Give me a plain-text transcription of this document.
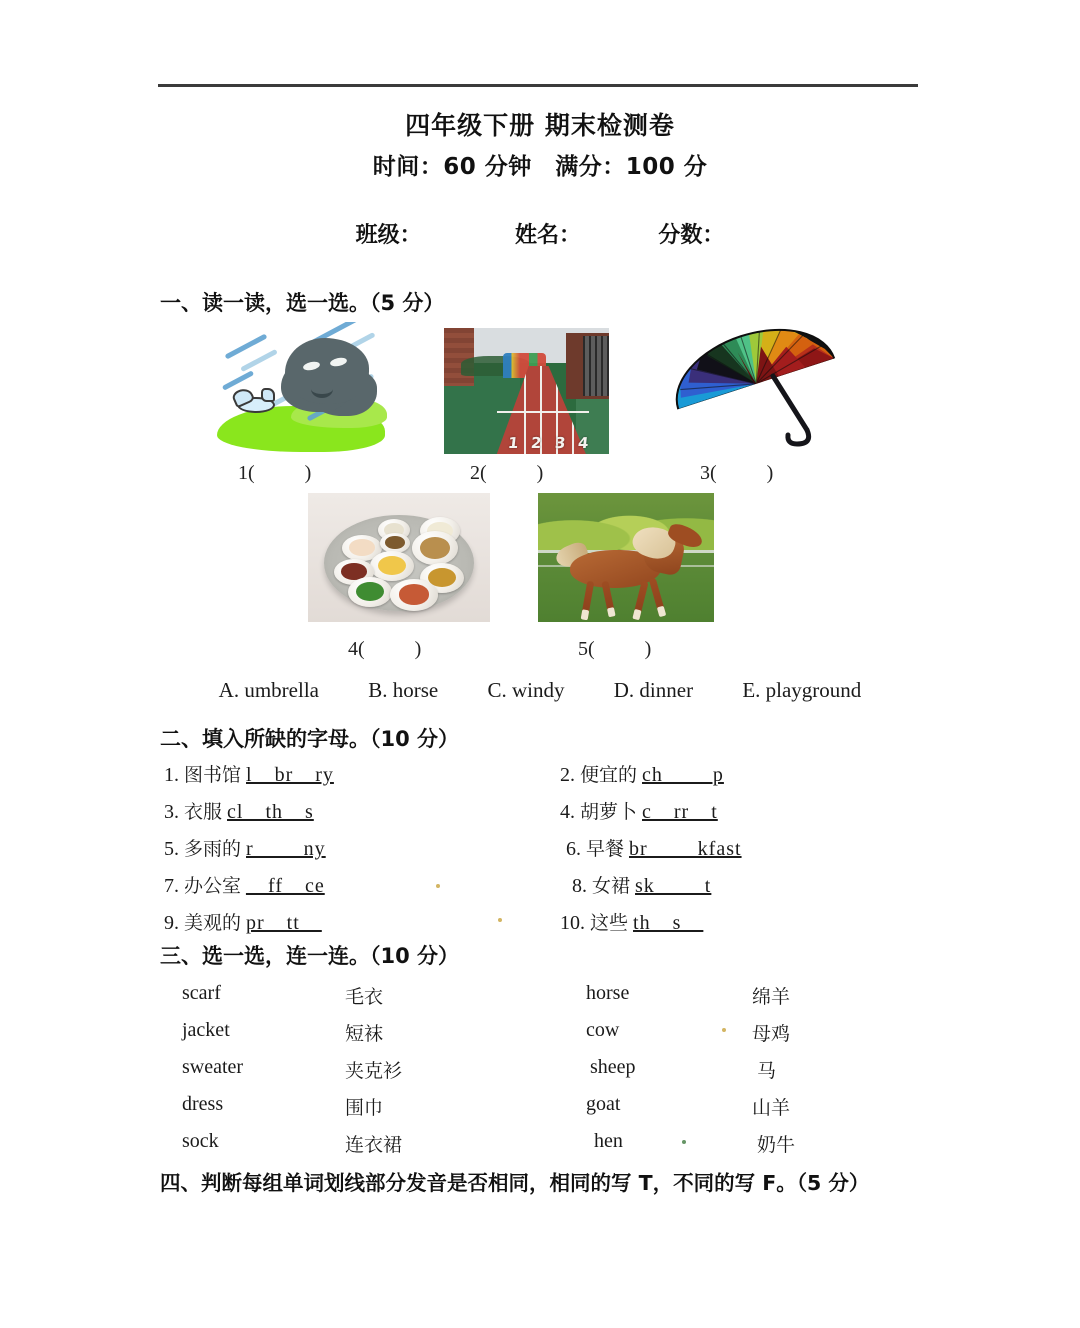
四年级下册 期末检测卷
时间：60 分钟　满分：100 分
班级：	姓名：	分数：
一、读一读，选一选。（5 分）
1 2 3 4
1(          )	2(          )	3(          )
4(          )	5(          )
A. umbrella B. horse C. windy D. dinner E. playground
二、填入所缺的字母。（10 分）
1. 图书馆 l__br__ry	2. 便宜的 ch__ __p
3. 衣服 cl__th__s	4. 胡萝卜 c__rr__t
5. 多雨的 r__ __ny	6. 早餐 br__ __kfast
7. 办公室 __ff__ce	8. 女裙 sk__ __t
9. 美观的 pr__tt__	10. 这些 th__s__
三、选一选，连一连。（10 分）
scarf	毛衣	horse	绵羊
jacket	短袜	cow	母鸡
sweater	夹克衫	sheep	马
dress	围巾	goat	山羊
sock	连衣裙	hen	奶牛
四、判断每组单词划线部分发音是否相同，相同的写 T，不同的写 F。（5 分）
